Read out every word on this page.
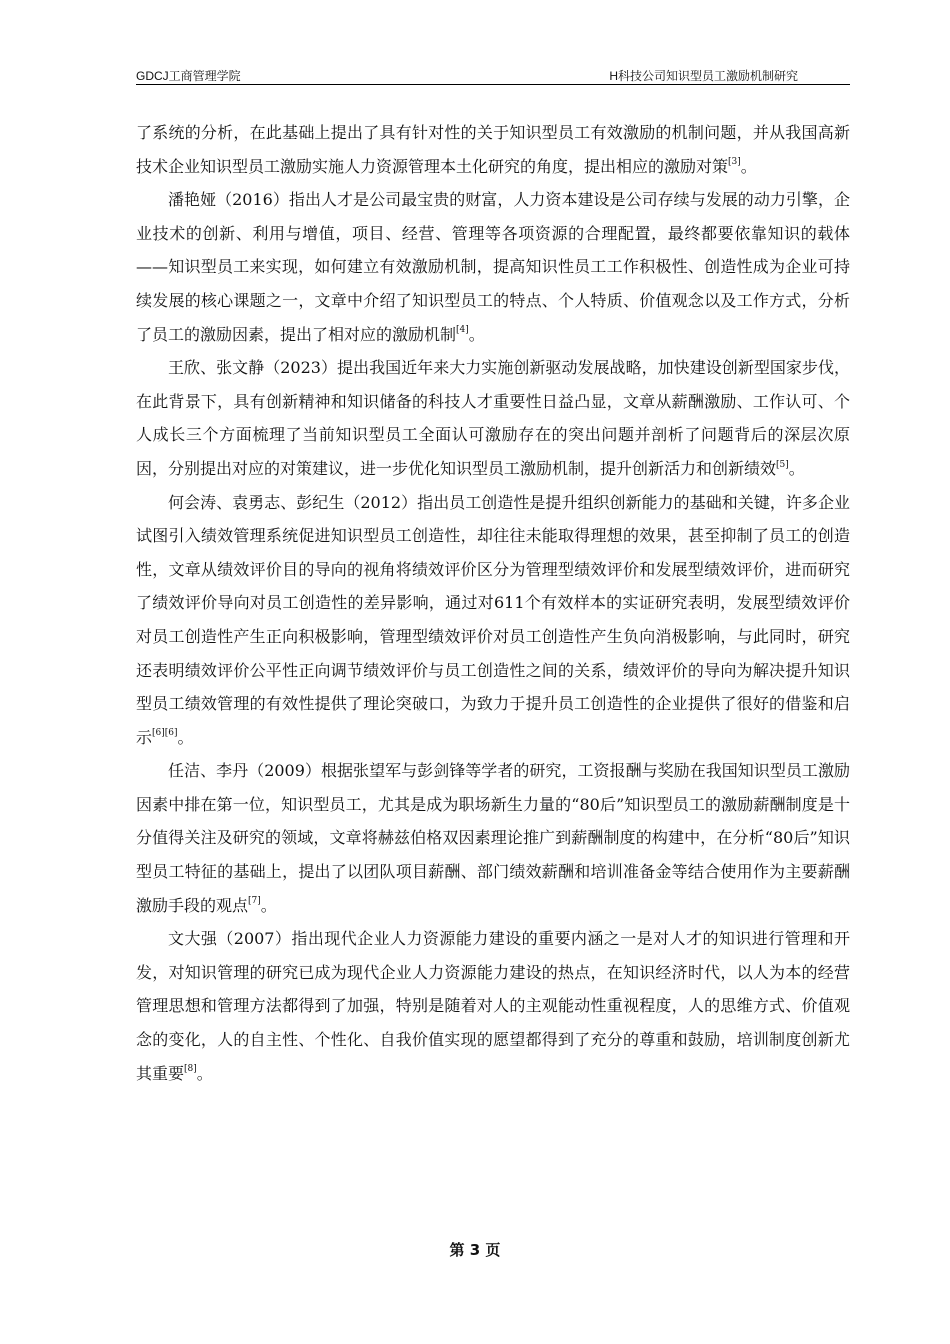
GDCJ工商管理学院	H科技公司知识型员工激励机制研究

了系统的分析，在此基础上提出了具有针对性的关于知识型员工有效激励的机制问题，并从我国高新技术企业知识型员工激励实施人力资源管理本土化研究的角度，提出相应的激励对策[3]。

潘艳娅（2016）指出人才是公司最宝贵的财富，人力资本建设是公司存续与发展的动力引擎，企业技术的创新、利用与增值，项目、经营、管理等各项资源的合理配置，最终都要依靠知识的载体——知识型员工来实现，如何建立有效激励机制，提高知识性员工工作积极性、创造性成为企业可持续发展的核心课题之一，文章中介绍了知识型员工的特点、个人特质、价值观念以及工作方式，分析了员工的激励因素，提出了相对应的激励机制[4]。

王欣、张文静（2023）提出我国近年来大力实施创新驱动发展战略，加快建设创新型国家步伐，在此背景下，具有创新精神和知识储备的科技人才重要性日益凸显，文章从薪酬激励、工作认可、个人成长三个方面梳理了当前知识型员工全面认可激励存在的突出问题并剖析了问题背后的深层次原因，分别提出对应的对策建议，进一步优化知识型员工激励机制，提升创新活力和创新绩效[5]。

何会涛、袁勇志、彭纪生（2012）指出员工创造性是提升组织创新能力的基础和关键，许多企业试图引入绩效管理系统促进知识型员工创造性，却往往未能取得理想的效果，甚至抑制了员工的创造性，文章从绩效评价目的导向的视角将绩效评价区分为管理型绩效评价和发展型绩效评价，进而研究了绩效评价导向对员工创造性的差异影响，通过对611个有效样本的实证研究表明，发展型绩效评价对员工创造性产生正向积极影响，管理型绩效评价对员工创造性产生负向消极影响，与此同时，研究还表明绩效评价公平性正向调节绩效评价与员工创造性之间的关系，绩效评价的导向为解决提升知识型员工绩效管理的有效性提供了理论突破口，为致力于提升员工创造性的企业提供了很好的借鉴和启示[6][6]。

任洁、李丹（2009）根据张望军与彭剑锋等学者的研究，工资报酬与奖励在我国知识型员工激励因素中排在第一位，知识型员工，尤其是成为职场新生力量的“80后”知识型员工的激励薪酬制度是十分值得关注及研究的领域，文章将赫兹伯格双因素理论推广到薪酬制度的构建中，在分析“80后”知识型员工特征的基础上，提出了以团队项目薪酬、部门绩效薪酬和培训准备金等结合使用作为主要薪酬激励手段的观点[7]。

文大强（2007）指出现代企业人力资源能力建设的重要内涵之一是对人才的知识进行管理和开发，对知识管理的研究已成为现代企业人力资源能力建设的热点，在知识经济时代，以人为本的经营管理思想和管理方法都得到了加强，特别是随着对人的主观能动性重视程度，人的思维方式、价值观念的变化，人的自主性、个性化、自我价值实现的愿望都得到了充分的尊重和鼓励，培训制度创新尤其重要[8]。

第 3 页
